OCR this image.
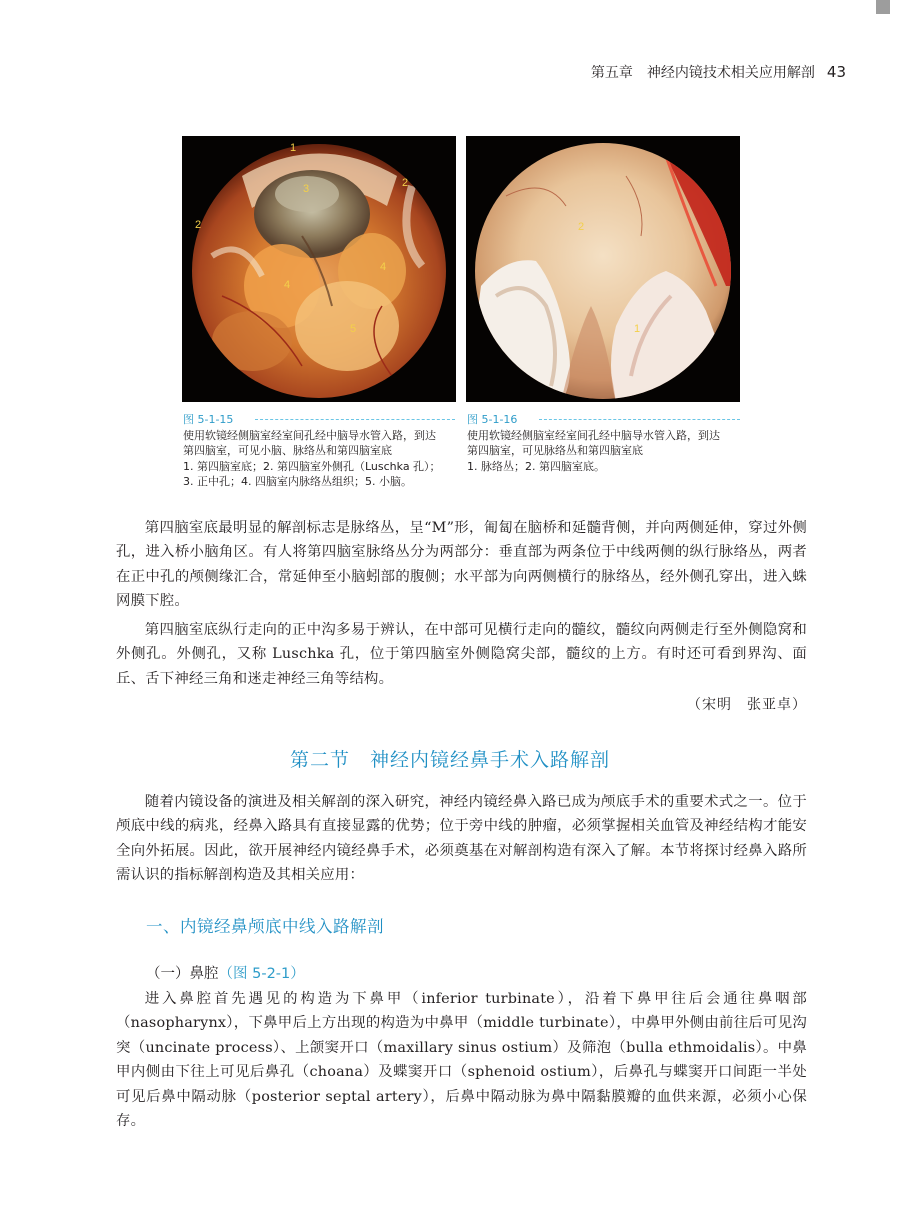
第五章　神经内镜技术相关应用解剖 43
1
2
3
2
4
4
5
2
1

图 5-1-15

使用软镜经侧脑室经室间孔经中脑导水管入路，到达

第四脑室，可见小脑、脉络丛和第四脑室底

1. 第四脑室底；2. 第四脑室外侧孔（Luschka 孔）；

3. 正中孔；4. 四脑室内脉络丛组织；5. 小脑。

图 5-1-16

使用软镜经侧脑室经室间孔经中脑导水管入路，到达

第四脑室，可见脉络丛和第四脑室底

1. 脉络丛；2. 第四脑室底。

第四脑室底最明显的解剖标志是脉络丛，呈“M”形，匍匐在脑桥和延髓背侧，并向两侧延伸，穿过外侧孔，进入桥小脑角区。有人将第四脑室脉络丛分为两部分：垂直部为两条位于中线两侧的纵行脉络丛，两者在正中孔的颅侧缘汇合，常延伸至小脑蚓部的腹侧；水平部为向两侧横行的脉络丛，经外侧孔穿出，进入蛛网膜下腔。

第四脑室底纵行走向的正中沟多易于辨认，在中部可见横行走向的髓纹，髓纹向两侧走行至外侧隐窝和外侧孔。外侧孔，又称 Luschka 孔，位于第四脑室外侧隐窝尖部，髓纹的上方。有时还可看到界沟、面丘、舌下神经三角和迷走神经三角等结构。

（宋明　张亚卓）
第二节　神经内镜经鼻手术入路解剖

随着内镜设备的演进及相关解剖的深入研究，神经内镜经鼻入路已成为颅底手术的重要术式之一。位于颅底中线的病兆，经鼻入路具有直接显露的优势；位于旁中线的肿瘤，必须掌握相关血管及神经结构才能安全向外拓展。因此，欲开展神经内镜经鼻手术，必须奠基在对解剖构造有深入了解。本节将探讨经鼻入路所需认识的指标解剖构造及其相关应用：

一、内镜经鼻颅底中线入路解剖
（一）鼻腔（图 5-2-1）

进入鼻腔首先遇见的构造为下鼻甲（inferior turbinate），沿着下鼻甲往后会通往鼻咽部（nasopharynx），下鼻甲后上方出现的构造为中鼻甲（middle turbinate），中鼻甲外侧由前往后可见沟突（uncinate process）、上颌窦开口（maxillary sinus ostium）及筛泡（bulla ethmoidalis）。中鼻甲内侧由下往上可见后鼻孔（choana）及蝶窦开口（sphenoid ostium），后鼻孔与蝶窦开口间距一半处可见后鼻中隔动脉（posterior septal artery），后鼻中隔动脉为鼻中隔黏膜瓣的血供来源，必须小心保存。
